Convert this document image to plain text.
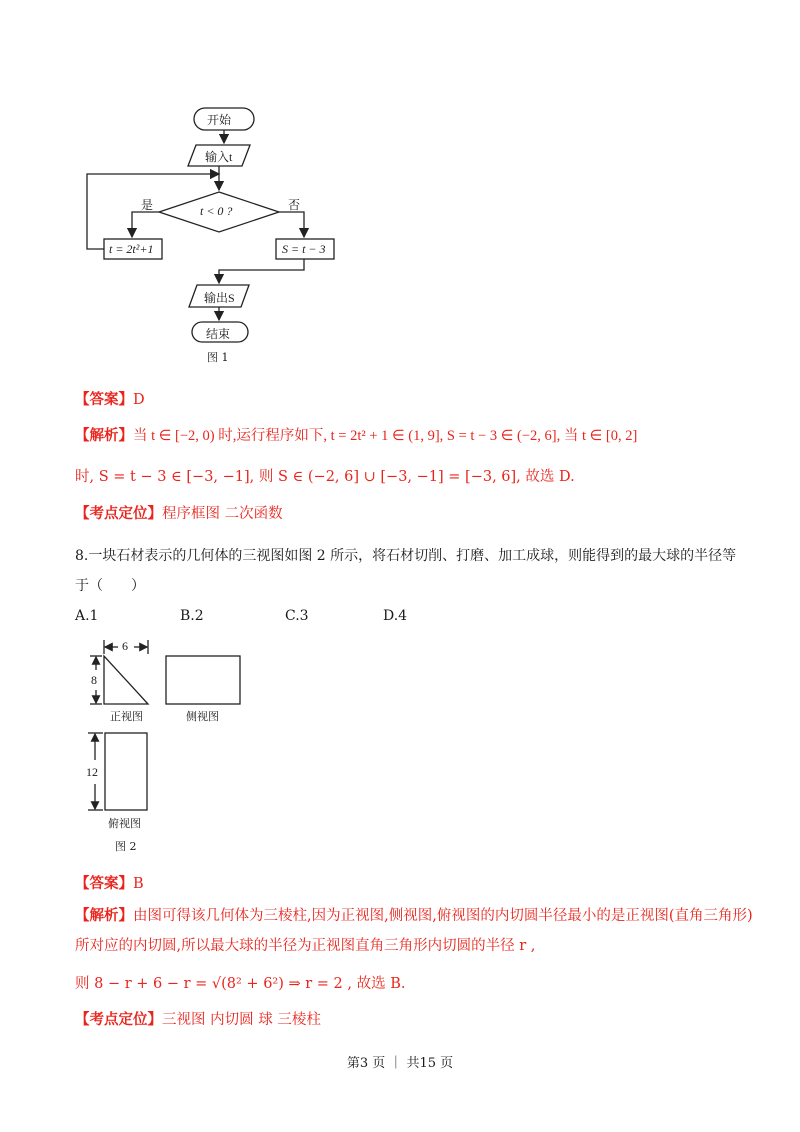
开始
输入t
t < 0 ?
是	否
t = 2t²+1	S = t − 3
输出S
结束
图 1
【答案】D
【解析】当 t ∈ [−2, 0) 时,运行程序如下, t = 2t² + 1 ∈ (1, 9], S = t − 3 ∈ (−2, 6], 当 t ∈ [0, 2]
时, S = t − 3 ∈ [−3, −1], 则 S ∈ (−2, 6] ∪ [−3, −1] = [−3, 6], 故选 D.
【考点定位】程序框图 二次函数
8.一块石材表示的几何体的三视图如图 2 所示，将石材切削、打磨、加工成球，则能得到的最大球的半径等
于（　　）
A.1	B.2	C.3	D.4
6
8
12
正视图	侧视图
俯视图
图 2
【答案】B
【解析】由图可得该几何体为三棱柱,因为正视图,侧视图,俯视图的内切圆半径最小的是正视图(直角三角形)
所对应的内切圆,所以最大球的半径为正视图直角三角形内切圆的半径 r ,
则 8 − r + 6 − r = √(8² + 6²) ⇒ r = 2 , 故选 B.
【考点定位】三视图 内切圆 球 三棱柱
第3 页 ｜ 共15 页
